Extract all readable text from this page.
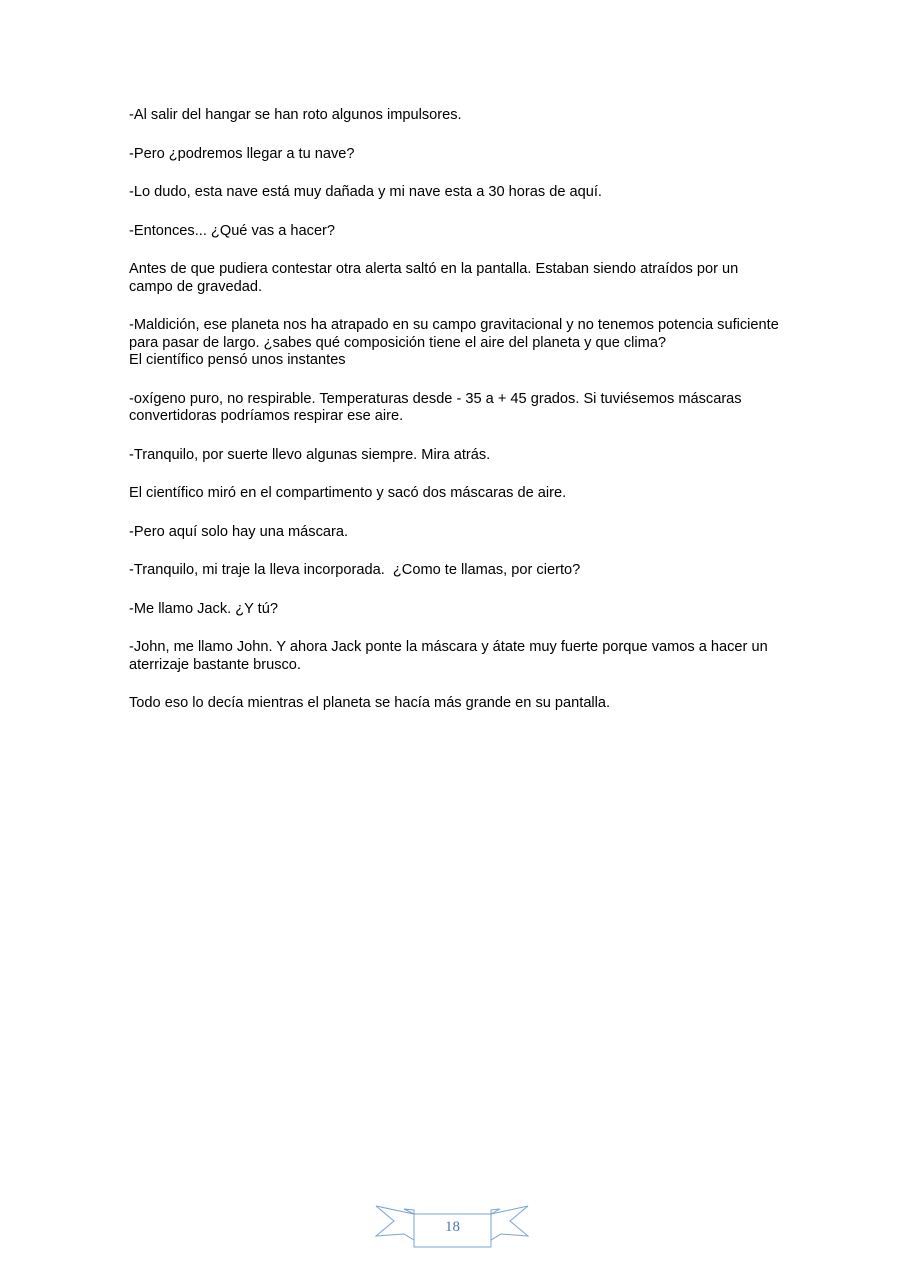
-Al salir del hangar se han roto algunos impulsores.

-Pero ¿podremos llegar a tu nave?

-Lo dudo, esta nave está muy dañada y mi nave esta a 30 horas de aquí.

-Entonces... ¿Qué vas a hacer?

Antes de que pudiera contestar otra alerta saltó en la pantalla. Estaban siendo atraídos por un campo de gravedad.

-Maldición, ese planeta nos ha atrapado en su campo gravitacional y no tenemos potencia suficiente para pasar de largo. ¿sabes qué composición tiene el aire del planeta y que clima?
El científico pensó unos instantes

-oxígeno puro, no respirable. Temperaturas desde - 35 a + 45 grados. Si tuviésemos máscaras convertidoras podríamos respirar ese aire.

-Tranquilo, por suerte llevo algunas siempre. Mira atrás.

El científico miró en el compartimento y sacó dos máscaras de aire.

-Pero aquí solo hay una máscara.

-Tranquilo, mi traje la lleva incorporada.  ¿Como te llamas, por cierto?

-Me llamo Jack. ¿Y tú?

-John, me llamo John. Y ahora Jack ponte la máscara y átate muy fuerte porque vamos a hacer un aterrizaje bastante brusco.

Todo eso lo decía mientras el planeta se hacía más grande en su pantalla.

18
